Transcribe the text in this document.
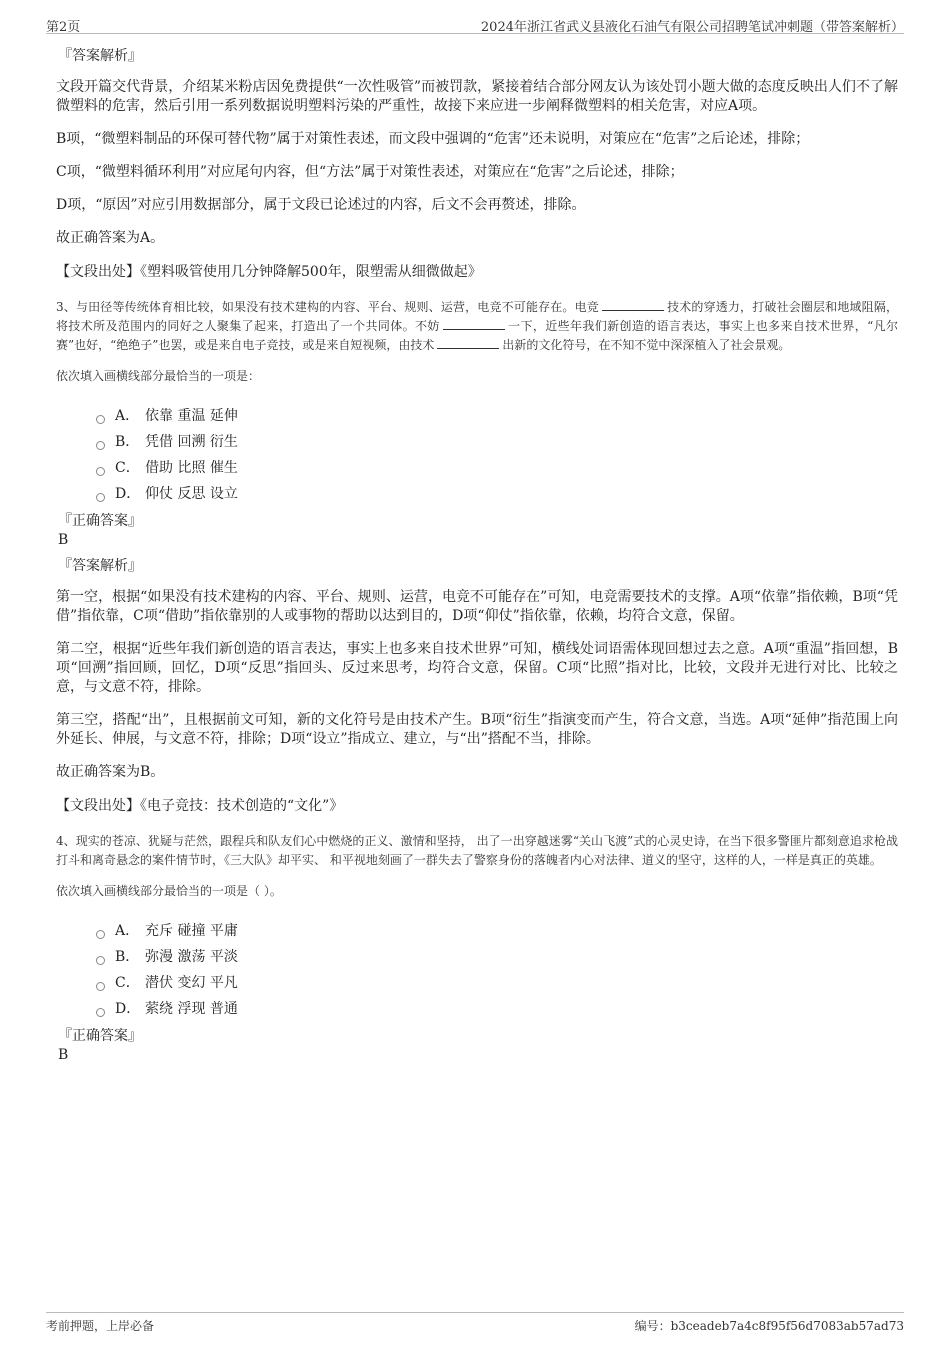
第2页	2024年浙江省武义县液化石油气有限公司招聘笔试冲刺题（带答案解析）
『答案解析』
文段开篇交代背景，介绍某米粉店因免费提供“一次性吸管”而被罚款，紧接着结合部分网友认为该处罚小题大做的态度反映出人们不了解微塑料的危害，然后引用一系列数据说明塑料污染的严重性，故接下来应进一步阐释微塑料的相关危害，对应A项。
B项，“微塑料制品的环保可替代物”属于对策性表述，而文段中强调的“危害”还未说明，对策应在“危害”之后论述，排除；
C项，“微塑料循环利用”对应尾句内容，但“方法”属于对策性表述，对策应在“危害”之后论述，排除；
D项，“原因”对应引用数据部分，属于文段已论述过的内容，后文不会再赘述，排除。
故正确答案为A。
【文段出处】《塑料吸管使用几分钟降解500年，限塑需从细微做起》
3、与田径等传统体育相比较，如果没有技术建构的内容、平台、规则、运营，电竞不可能存在。电竞	技术的穿透力，打破社会圈层和地域阻隔，将技术所及范围内的同好之人聚集了起来，打造出了一个共同体。不妨	一下，近些年我们新创造的语言表达，事实上也多来自技术世界，“凡尔赛”也好，“绝绝子”也罢，或是来自电子竞技，或是来自短视频，由技术	出新的文化符号，在不知不觉中深深植入了社会景观。
依次填入画横线部分最恰当的一项是：
A． 依靠 重温 延伸
B． 凭借 回溯 衍生
C． 借助 比照 催生
D． 仰仗 反思 设立
『正确答案』
B
『答案解析』
第一空，根据“如果没有技术建构的内容、平台、规则、运营，电竞不可能存在”可知，电竞需要技术的支撑。A项“依靠”指依赖，B项“凭借”指依靠，C项“借助”指依靠别的人或事物的帮助以达到目的，D项“仰仗”指依靠，依赖，均符合文意，保留。
第二空，根据“近些年我们新创造的语言表达，事实上也多来自技术世界”可知，横线处词语需体现回想过去之意。A项“重温”指回想，B项“回溯”指回顾，回忆，D项“反思”指回头、反过来思考，均符合文意，保留。C项“比照”指对比，比较，文段并无进行对比、比较之意，与文意不符，排除。
第三空，搭配“出”，且根据前文可知，新的文化符号是由技术产生。B项“衍生”指演变而产生，符合文意，当选。A项“延伸”指范围上向外延长、伸展，与文意不符，排除；D项“设立”指成立、建立，与“出”搭配不当，排除。
故正确答案为B。
【文段出处】《电子竞技：技术创造的“文化”》
4、现实的苍凉、犹疑与茫然，跟程兵和队友们心中燃烧的正义、激情和坚持， 出了一出穿越迷雾“关山飞渡”式的心灵史诗，在当下很多警匪片都刻意追求枪战打斗和离奇悬念的案件情节时，《三大队》却平实、 和平视地刻画了一群失去了警察身份的落魄者内心对法律、道义的坚守，这样的人，一样是真正的英雄。
依次填入画横线部分最恰当的一项是（ ）。
A． 充斥 碰撞 平庸
B． 弥漫 激荡 平淡
C． 潜伏 变幻 平凡
D． 萦绕 浮现 普通
『正确答案』
B
考前押题，上岸必备	编号：b3ceadeb7a4c8f95f56d7083ab57ad73
